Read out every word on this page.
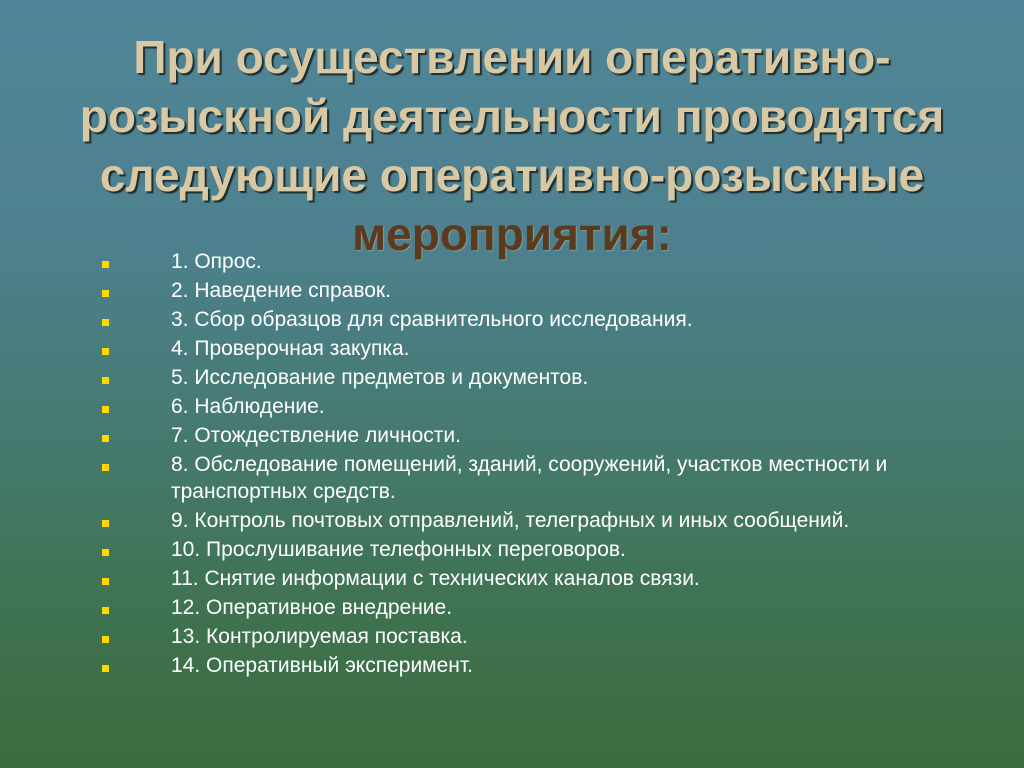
При осуществлении оперативно-розыскной деятельности проводятся следующие оперативно-розыскные
мероприятия:
1. Опрос.
2. Наведение справок.
3. Сбор образцов для сравнительного исследования.
4. Проверочная закупка.
5. Исследование предметов и документов.
6. Наблюдение.
7. Отождествление личности.
8. Обследование помещений, зданий, сооружений, участков местности и транспортных средств.
9. Контроль почтовых отправлений, телеграфных и иных сообщений.
10. Прослушивание телефонных переговоров.
11. Снятие информации с технических каналов связи.
12. Оперативное внедрение.
13. Контролируемая поставка.
14. Оперативный эксперимент.
